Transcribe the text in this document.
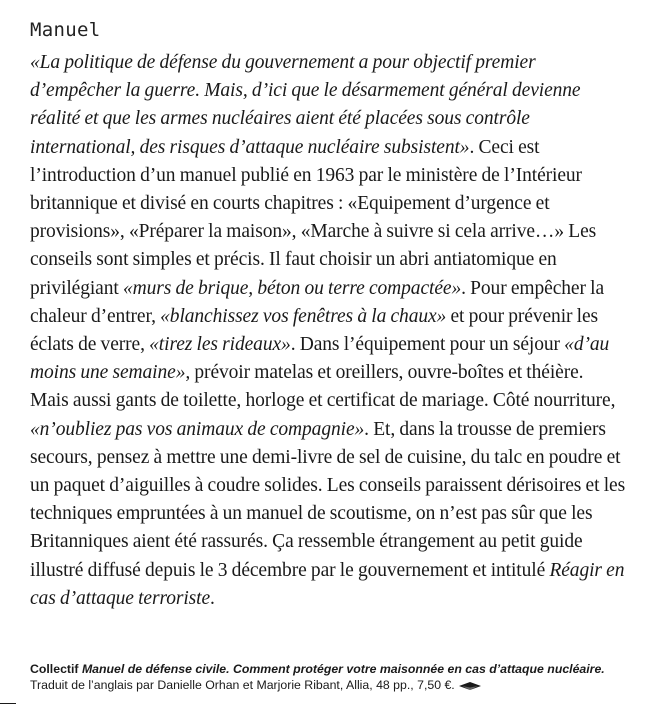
Manuel

«La politique de défense du gouvernement a pour objectif premier d’empêcher la guerre. Mais, d’ici que le désarmement général devienne réalité et que les armes nucléaires aient été placées sous contrôle international, des risques d’attaque nucléaire subsistent». Ceci est l’introduction d’un manuel publié en 1963 par le ministère de l’Intérieur britannique et divisé en courts chapitres : «Equipement d’urgence et provisions», «Préparer la maison», «Marche à suivre si cela arrive…» Les conseils sont simples et précis. Il faut choisir un abri antiatomique en privilégiant «murs de brique, béton ou terre compactée». Pour empêcher la chaleur d’entrer, «blanchissez vos fenêtres à la chaux» et pour prévenir les éclats de verre, «tirez les rideaux». Dans l’équipement pour un séjour «d’au moins une semaine», prévoir matelas et oreillers, ouvre-boîtes et théière. Mais aussi gants de toilette, horloge et certificat de mariage. Côté nourriture, «n’oubliez pas vos animaux de compagnie». Et, dans la trousse de premiers secours, pensez à mettre une demi-livre de sel de cuisine, du talc en poudre et un paquet d’aiguilles à coudre solides. Les conseils paraissent dérisoires et les techniques empruntées à un manuel de scoutisme, on n’est pas sûr que les Britanniques aient été rassurés. Ça ressemble étrangement au petit guide illustré diffusé depuis le 3 décembre par le gouvernement et intitulé Réagir en cas d’attaque terroriste.

Collectif Manuel de défense civile. Comment protéger votre maisonnée en cas d’attaque nucléaire. Traduit de l’anglais par Danielle Orhan et Marjorie Ribant, Allia, 48 pp., 7,50 €.
